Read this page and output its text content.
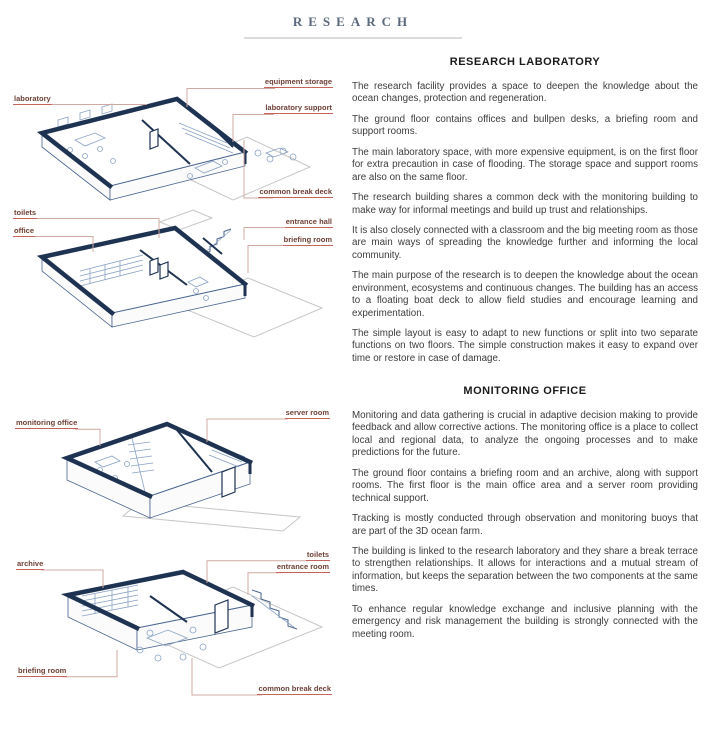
RESEARCH
laboratory
equipment storage
laboratory support
common break deck
toilets
office
entrance hall
briefing room
RESEARCH LABORATORY

The research facility provides a space to deepen the knowledge about the ocean changes, protection and regeneration.

The ground floor contains offices and bullpen desks, a briefing room and support rooms.

The main laboratory space, with more expensive equipment, is on the first floor for extra precaution in case of flooding. The storage space and support rooms are also on the same floor.

The research building shares a common deck with the monitoring building to make way for informal meetings and build up trust and relationships.

It is also closely connected with a classroom and the big meeting room as those are main ways of spreading the knowledge further and informing the local community.

The main purpose of the research is to deepen the knowledge about the ocean environment, ecosystems and continuous changes. The building has an access to a floating boat deck to allow field studies and encourage learning and experimentation.

The simple layout is easy to adapt to new functions or split into two separate functions on two floors. The simple construction makes it easy to expand over time or restore in case of damage.

monitoring office
server room
archive
toilets
entrance room
briefing room
common break deck
MONITORING OFFICE

Monitoring and data gathering is crucial in adaptive decision making to provide feedback and allow corrective actions. The monitoring office is a place to collect local and regional data, to analyze the ongoing processes and to make predictions for the future.

The ground floor contains a briefing room and an archive, along with support rooms. The first floor is the main office area and a server room providing technical support.

Tracking is mostly conducted through observation and monitoring buoys that are part of the 3D ocean farm.

The building is linked to the research laboratory and they share a break terrace to strengthen relationships. It allows for interactions and a mutual stream of information, but keeps the separation between the two components at the same times.

To enhance regular knowledge exchange and inclusive planning with the emergency and risk management the building is strongly connected with the meeting room.
